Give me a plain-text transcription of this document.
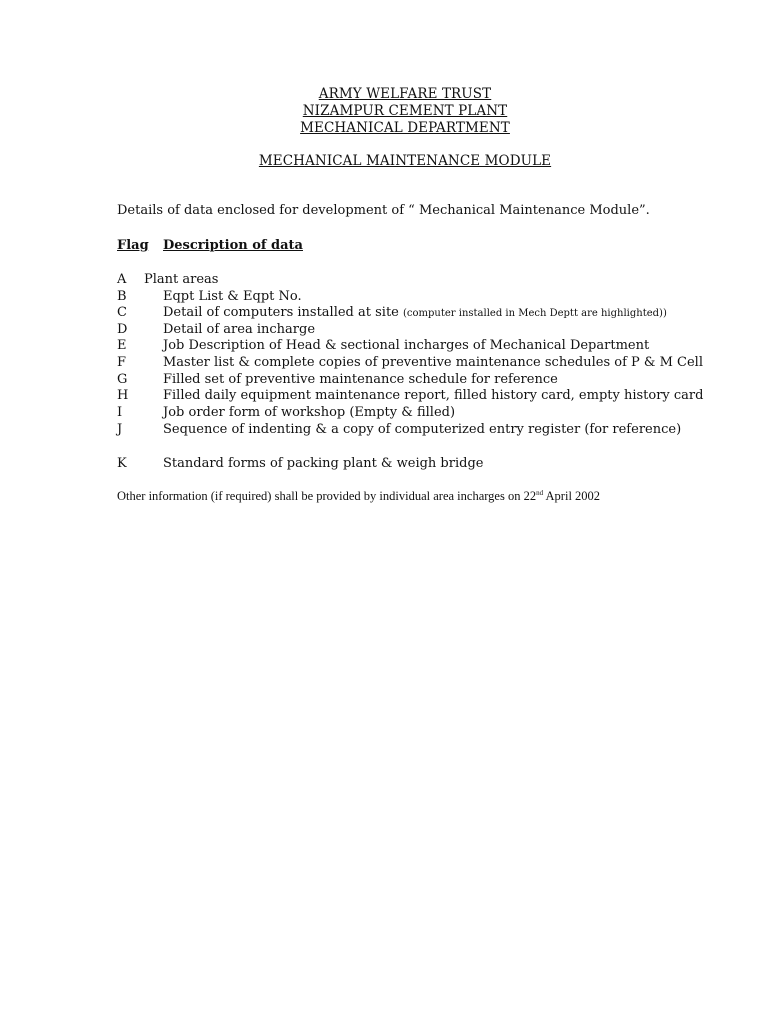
ARMY WELFARE TRUST
NIZAMPUR CEMENT PLANT
MECHANICAL DEPARTMENT
MECHANICAL MAINTENANCE MODULE
Details of data enclosed for development of “ Mechanical Maintenance Module”.
Flag Description of data
A Plant areas
B	Eqpt List & Eqpt No.
C	Detail of computers installed at site (computer installed in Mech Deptt are highlighted))
D	Detail of area incharge
E	Job Description of Head & sectional incharges of Mechanical Department
F	Master list & complete copies of preventive maintenance schedules of P & M Cell
G	Filled set of preventive maintenance schedule for reference
H	Filled daily equipment maintenance report, filled history card, empty history card
I	Job order form of workshop (Empty & filled)
J	Sequence of indenting & a copy of computerized entry register (for reference)
K	Standard forms of packing plant & weigh bridge
Other information (if required) shall be provided by individual area incharges on 22nd April 2002
